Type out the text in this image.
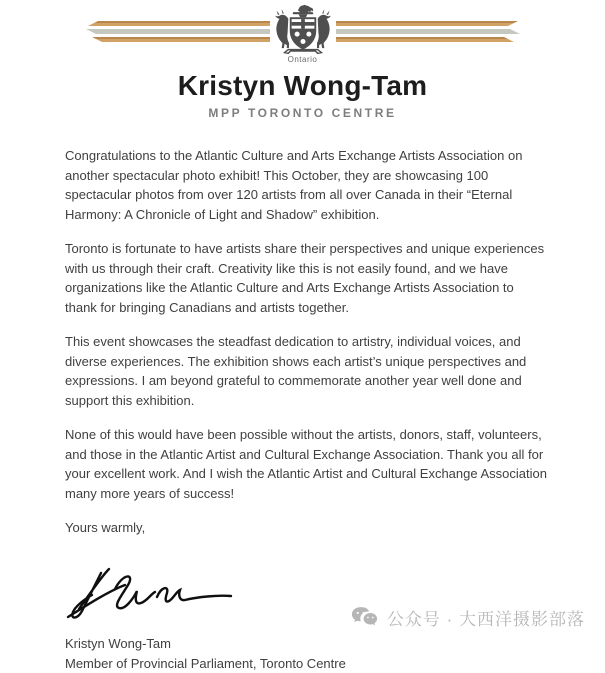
Ontario
Kristyn Wong-Tam
MPP TORONTO CENTRE

Congratulations to the Atlantic Culture and Arts Exchange Artists Association on another spectacular photo exhibit! This October, they are showcasing 100 spectacular photos from over 120 artists from all over Canada in their “Eternal Harmony: A Chronicle of Light and Shadow” exhibition.

Toronto is fortunate to have artists share their perspectives and unique experiences with us through their craft. Creativity like this is not easily found, and we have organizations like the Atlantic Culture and Arts Exchange Artists Association to thank for bringing Canadians and artists together.

This event showcases the steadfast dedication to artistry, individual voices, and diverse experiences. The exhibition shows each artist’s unique perspectives and expressions. I am beyond grateful to commemorate another year well done and support this exhibition.

None of this would have been possible without the artists, donors, staff, volunteers, and those in the Atlantic Artist and Cultural Exchange Association. Thank you all for your excellent work. And I wish the Atlantic Artist and Cultural Exchange Association many more years of success!

Yours warmly,

Kristyn Wong-Tam
Member of Provincial Parliament, Toronto Centre
公众号 · 大西洋摄影部落
